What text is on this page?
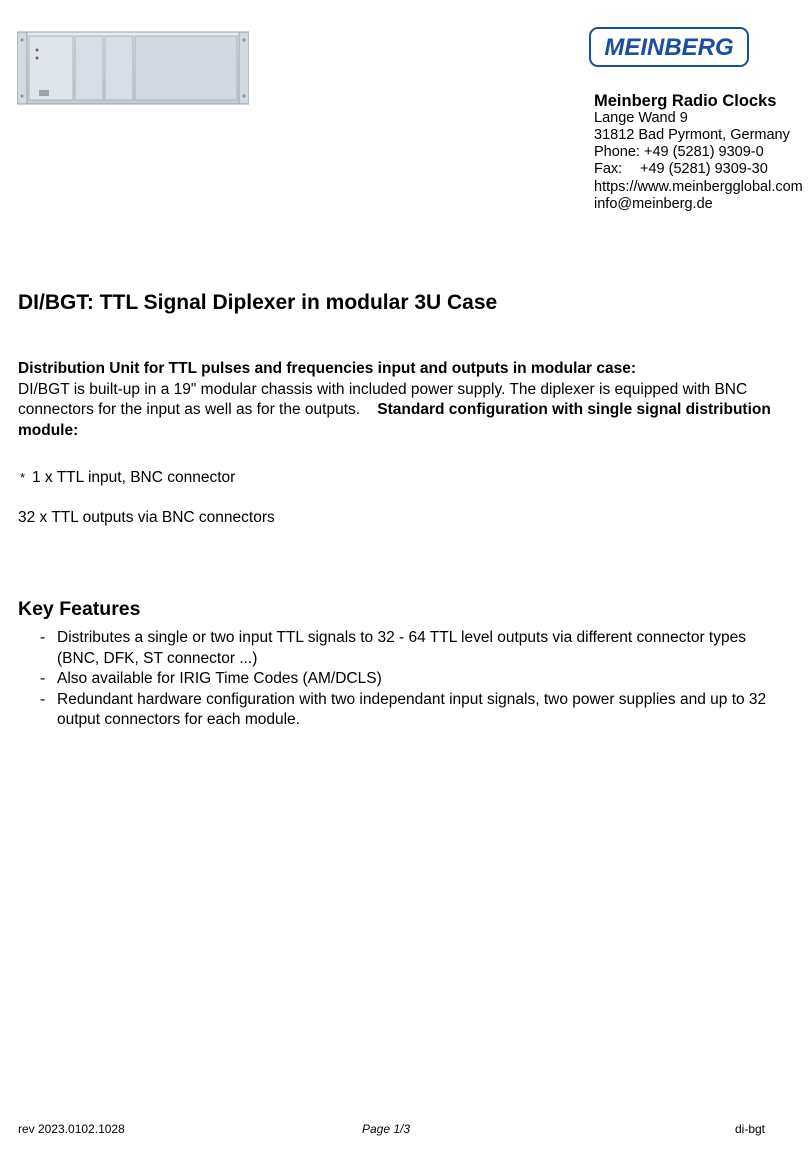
MEINBERG
Meinberg Radio Clocks
Lange Wand 9
31812 Bad Pyrmont, Germany
Phone: +49 (5281) 9309-0
Fax: +49 (5281) 9309-30
https://www.meinbergglobal.com
info@meinberg.de
DI/BGT: TTL Signal Diplexer in modular 3U Case
Distribution Unit for TTL pulses and frequencies input and outputs in modular case:
DI/BGT is built-up in a 19" modular chassis with included power supply. The diplexer is equipped with BNC connectors for the input as well as for the outputs. Standard configuration with single signal distribution module:
* 1 x TTL input, BNC connector
32 x TTL outputs via BNC connectors
Key Features
- Distributes a single or two input TTL signals to 32 - 64 TTL level outputs via different connector types (BNC, DFK, ST connector ...)
- Also available for IRIG Time Codes (AM/DCLS)
- Redundant hardware configuration with two independant input signals, two power supplies and up to 32 output connectors for each module.
rev 2023.0102.1028	Page 1/3	di-bgt
